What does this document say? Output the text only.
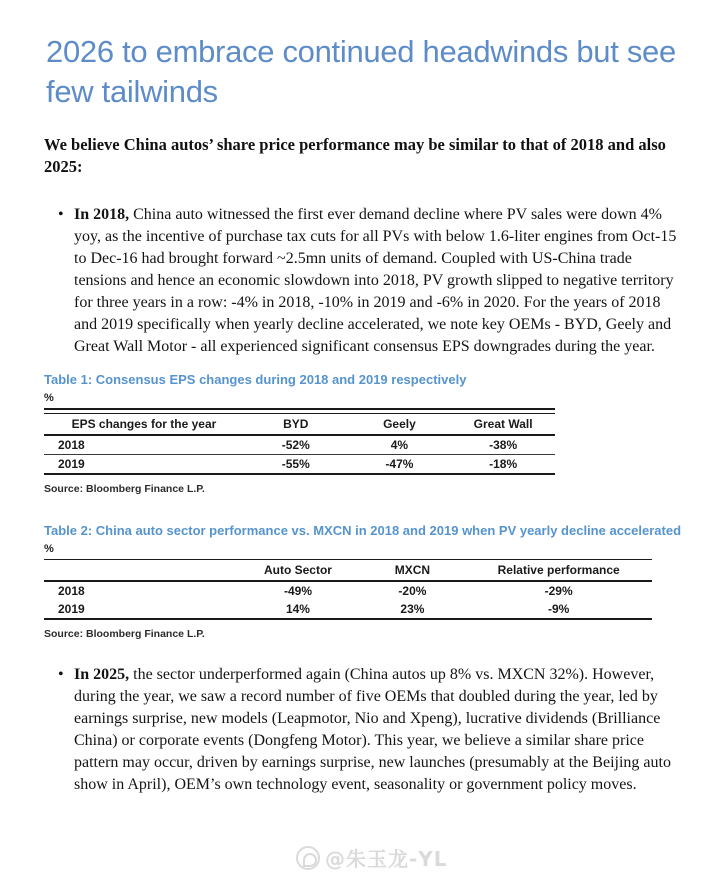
2026 to embrace continued headwinds but see few tailwinds

We believe China autos’ share price performance may be similar to that of 2018 and also 2025:

• In 2018, China auto witnessed the first ever demand decline where PV sales were down 4% yoy, as the incentive of purchase tax cuts for all PVs with below 1.6-liter engines from Oct-15 to Dec-16 had brought forward ~2.5mn units of demand. Coupled with US-China trade tensions and hence an economic slowdown into 2018, PV growth slipped to negative territory for three years in a row: -4% in 2018, -10% in 2019 and -6% in 2020. For the years of 2018 and 2019 specifically when yearly decline accelerated, we note key OEMs - BYD, Geely and Great Wall Motor - all experienced significant consensus EPS downgrades during the year.

Table 1: Consensus EPS changes during 2018 and 2019 respectively

%

EPS changes for the year	BYD	Geely	Great Wall
2018	-52%	4%	-38%
2019	-55%	-47%	-18%

Source: Bloomberg Finance L.P.

Table 2: China auto sector performance vs. MXCN in 2018 and 2019 when PV yearly decline accelerated

%

	Auto Sector	MXCN	Relative performance
2018	-49%	-20%	-29%
2019	14%	23%	-9%

Source: Bloomberg Finance L.P.

• In 2025, the sector underperformed again (China autos up 8% vs. MXCN 32%). However, during the year, we saw a record number of five OEMs that doubled during the year, led by earnings surprise, new models (Leapmotor, Nio and Xpeng), lucrative dividends (Brilliance China) or corporate events (Dongfeng Motor). This year, we believe a similar share price pattern may occur, driven by earnings surprise, new launches (presumably at the Beijing auto show in April), OEM’s own technology event, seasonality or government policy moves.
@朱玉龙-YL
